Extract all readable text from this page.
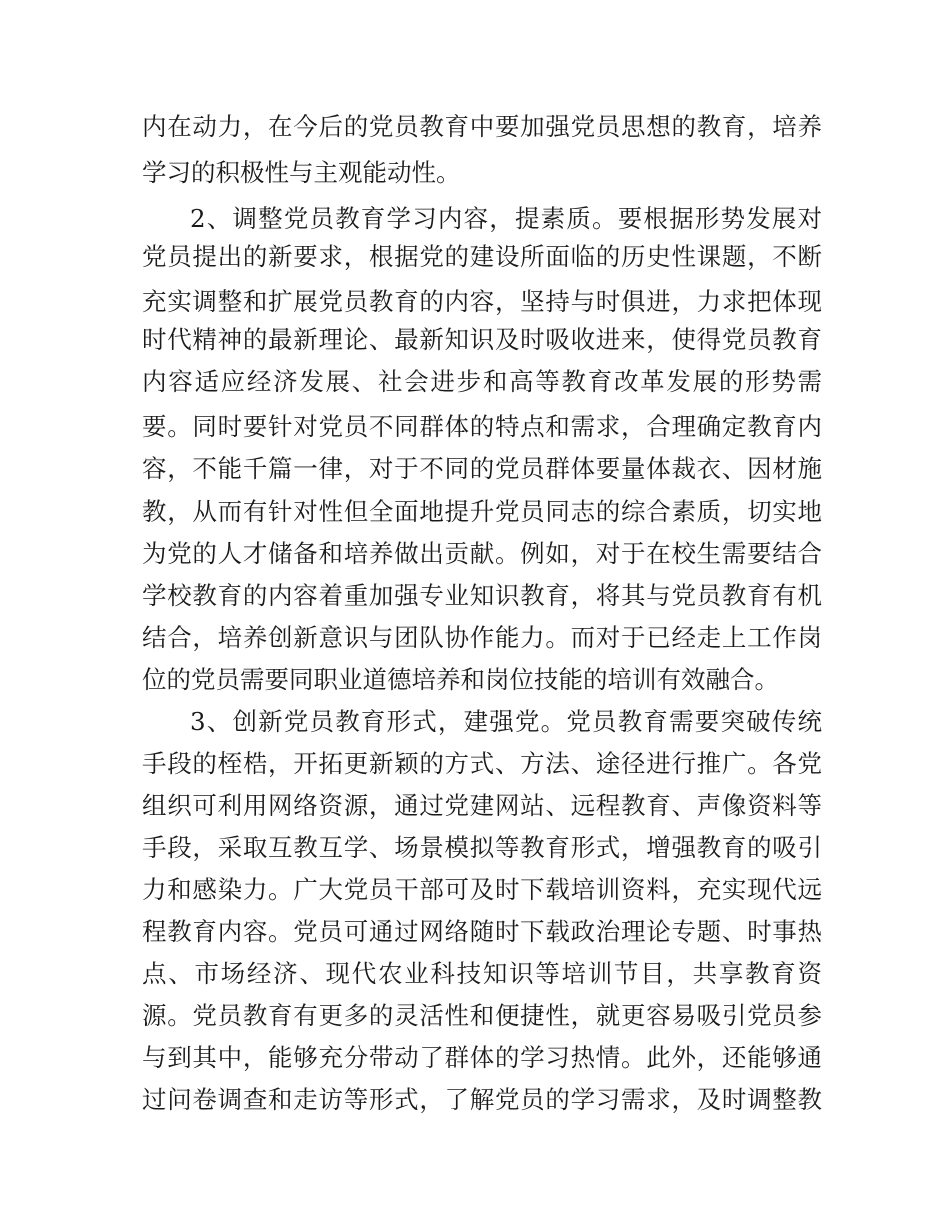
内在动力，在今后的党员教育中要加强党员思想的教育，培养
学习的积极性与主观能动性。
2、调整党员教育学习内容，提素质。要根据形势发展对
党员提出的新要求，根据党的建设所面临的历史性课题，不断
充实调整和扩展党员教育的内容，坚持与时俱进，力求把体现
时代精神的最新理论、最新知识及时吸收进来，使得党员教育
内容适应经济发展、社会进步和高等教育改革发展的形势需
要。同时要针对党员不同群体的特点和需求，合理确定教育内
容，不能千篇一律，对于不同的党员群体要量体裁衣、因材施
教，从而有针对性但全面地提升党员同志的综合素质，切实地
为党的人才储备和培养做出贡献。例如，对于在校生需要结合
学校教育的内容着重加强专业知识教育，将其与党员教育有机
结合，培养创新意识与团队协作能力。而对于已经走上工作岗
位的党员需要同职业道德培养和岗位技能的培训有效融合。
3、创新党员教育形式，建强党。党员教育需要突破传统
手段的桎梏，开拓更新颖的方式、方法、途径进行推广。各党
组织可利用网络资源，通过党建网站、远程教育、声像资料等
手段，采取互教互学、场景模拟等教育形式，增强教育的吸引
力和感染力。广大党员干部可及时下载培训资料，充实现代远
程教育内容。党员可通过网络随时下载政治理论专题、时事热
点、市场经济、现代农业科技知识等培训节目，共享教育资
源。党员教育有更多的灵活性和便捷性，就更容易吸引党员参
与到其中，能够充分带动了群体的学习热情。此外，还能够通
过问卷调查和走访等形式，了解党员的学习需求，及时调整教
